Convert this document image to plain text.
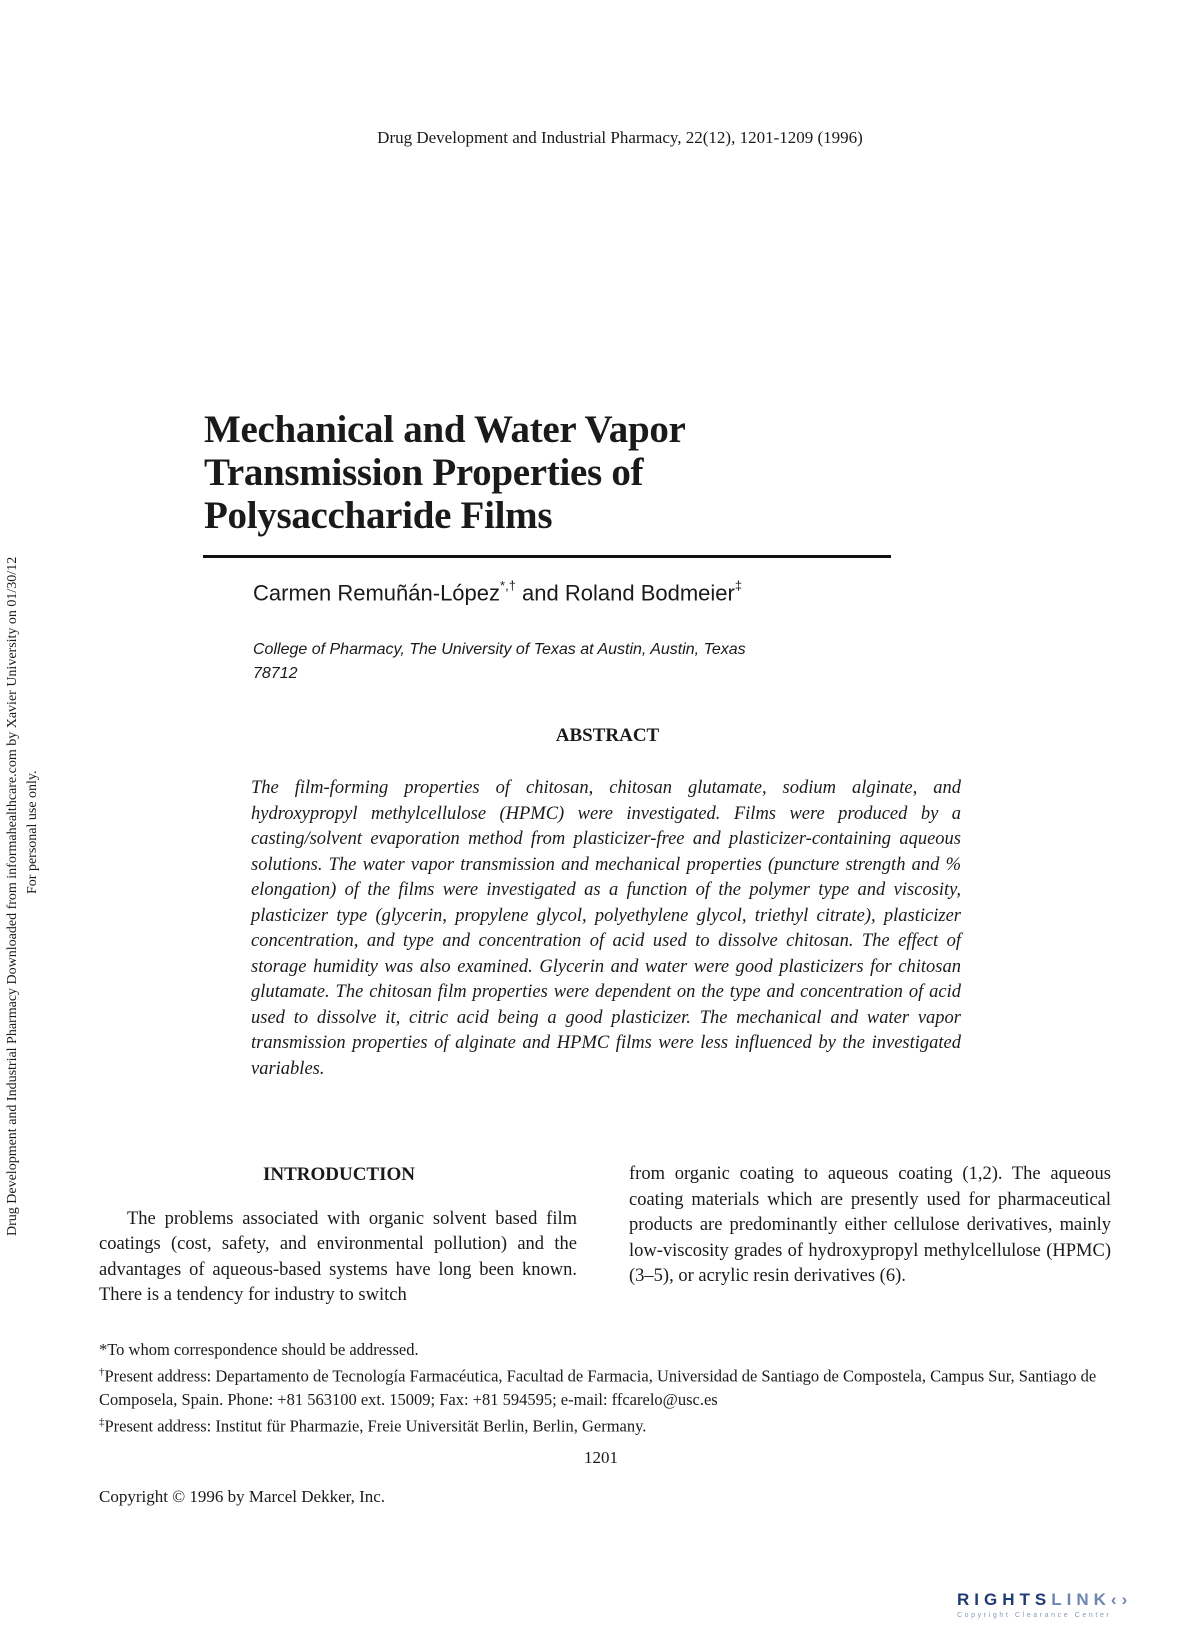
Drug Development and Industrial Pharmacy, 22(12), 1201-1209 (1996)
Drug Development and Industrial Pharmacy Downloaded from informahealthcare.com by Xavier University on 01/30/12 For personal use only.
Mechanical and Water Vapor
Transmission Properties of
Polysaccharide Films
Carmen Remuñán-López*,† and Roland Bodmeier‡
College of Pharmacy, The University of Texas at Austin, Austin, Texas
78712
ABSTRACT
The film-forming properties of chitosan, chitosan glutamate, sodium alginate, and hydroxypropyl methylcellulose (HPMC) were investigated. Films were produced by a casting/solvent evaporation method from plasticizer-free and plasticizer-containing aqueous solutions. The water vapor transmission and mechanical properties (puncture strength and % elongation) of the films were investigated as a function of the polymer type and viscosity, plasticizer type (glycerin, propylene glycol, polyethylene glycol, triethyl citrate), plasticizer concentration, and type and concentration of acid used to dissolve chitosan. The effect of storage humidity was also examined. Glycerin and water were good plasticizers for chitosan glutamate. The chitosan film properties were dependent on the type and concentration of acid used to dissolve it, citric acid being a good plasticizer. The mechanical and water vapor transmission properties of alginate and HPMC films were less influenced by the investigated variables.
INTRODUCTION

The problems associated with organic solvent based film coatings (cost, safety, and environmental pollution) and the advantages of aqueous-based systems have long been known. There is a tendency for industry to switch

from organic coating to aqueous coating (1,2). The aqueous coating materials which are presently used for pharmaceutical products are predominantly either cellulose derivatives, mainly low-viscosity grades of hydroxypropyl methylcellulose (HPMC) (3–5), or acrylic resin derivatives (6).

*To whom correspondence should be addressed.

†Present address: Departamento de Tecnología Farmacéutica, Facultad de Farmacia, Universidad de Santiago de Compostela, Campus Sur, Santiago de Composela, Spain. Phone: +81 563100 ext. 15009; Fax: +81 594595; e-mail: ffcarelo@usc.es

‡Present address: Institut für Pharmazie, Freie Universität Berlin, Berlin, Germany.

1201
Copyright © 1996 by Marcel Dekker, Inc.
RIGHTSLINK‹›
Copyright Clearance Center
